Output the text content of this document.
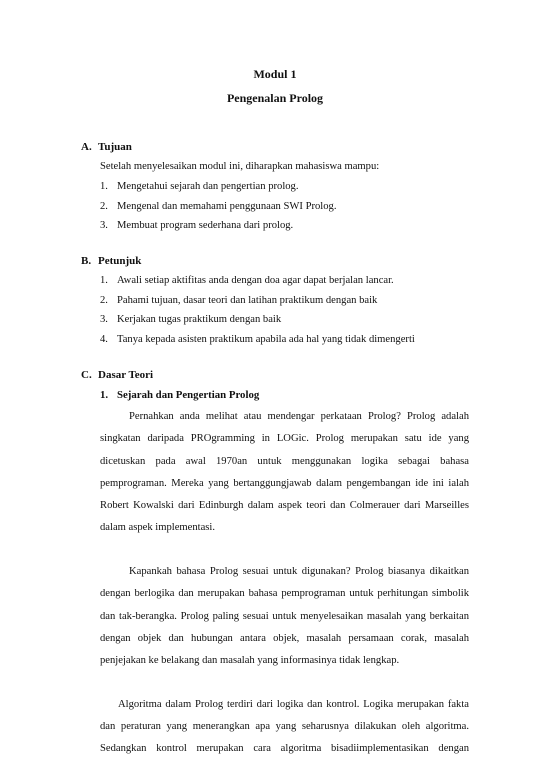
Modul 1
Pengenalan Prolog
A. Tujuan
Setelah menyelesaikan modul ini, diharapkan mahasiswa mampu:
1. Mengetahui sejarah dan pengertian prolog.
2. Mengenal dan memahami penggunaan SWI Prolog.
3. Membuat program sederhana dari prolog.
B. Petunjuk
1. Awali setiap aktifitas anda dengan doa agar dapat berjalan lancar.
2. Pahami tujuan, dasar teori dan latihan praktikum dengan baik
3. Kerjakan tugas praktikum dengan baik
4. Tanya kepada asisten praktikum apabila ada hal yang tidak dimengerti
C. Dasar Teori
1. Sejarah dan Pengertian Prolog
Pernahkan anda melihat atau mendengar perkataan Prolog? Prolog adalah
singkatan daripada PROgramming in LOGic. Prolog merupakan satu ide yang
dicetuskan pada awal 1970an untuk menggunakan logika sebagai bahasa
pemprograman. Mereka yang bertanggungjawab dalam pengembangan ide ini ialah
Robert Kowalski dari Edinburgh dalam aspek teori dan Colmerauer dari Marseilles
dalam aspek implementasi.
Kapankah bahasa Prolog sesuai untuk digunakan? Prolog biasanya dikaitkan
dengan berlogika dan merupakan bahasa pemprograman untuk perhitungan simbolik
dan tak-berangka. Prolog paling sesuai untuk menyelesaikan masalah yang berkaitan
dengan objek dan hubungan antara objek, masalah persamaan corak, masalah
penjejakan ke belakang dan masalah yang informasinya tidak lengkap.
Algoritma dalam Prolog terdiri dari logika dan kontrol. Logika merupakan fakta
dan peraturan yang menerangkan apa yang seharusnya dilakukan oleh algoritma.
Sedangkan kontrol merupakan cara algoritma bisadiimplementasikan dengan
